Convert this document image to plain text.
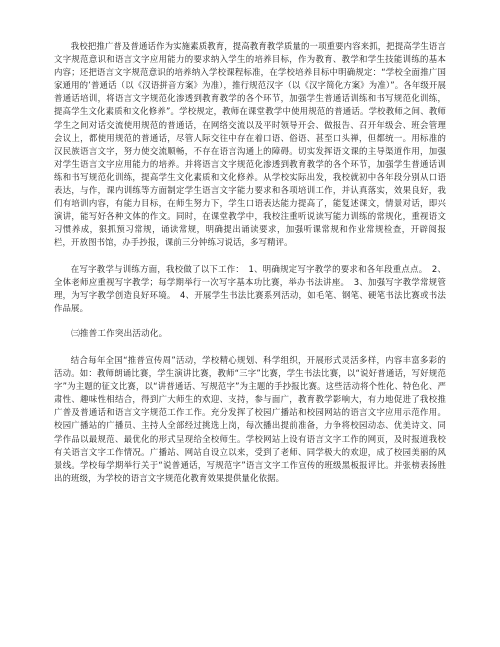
我校把推广普及普通话作为实施素质教育，提高教育教学质量的一项重要内容来抓，把提高学生语言文字规范意识和语言文字应用能力的要求纳入学生的培养目标，作为教育、教学和学生技能训练的基本内容；还把语言文字规范意识的培养纳入学校课程标准，在学校培养目标中明确规定：“学校全面推广国家通用的’普通话（以《汉语拼音方案》为准），推行规范汉字（以《汉字简化方案》为准）”。各年级开展普通话培训，将语言文字规范化渗透到教育教学的各个环节，加强学生普通话训练和书写规范化训练，提高学生文化素质和文化修养”。学校规定，教师在课堂教学中使用规范的普通话。学校教师之间、教师学生之间对话交流使用规范的普通话，在网络交流以及平时领导开会、做报告、召开年级会、班会管理会议上，都使用规范的普通话，尽管人际交往中存在着口语、俗语、甚至口头禅，但都统一。用标准的汉民族语言文字，努力使交流顺畅，不存在语言沟通上的障碍。切实发挥语文课的主导渠道作用，加强对学生语言文字应用能力的培养。并将语言文字规范化渗透到教育教学的各个环节，加强学生普通话训练和书写规范化训练，提高学生文化素质和文化修养。从学校实际出发，我校就初中各年段分别从口语表达，与作，课内训练等方面制定学生语言文字能力要求和各项培训工作，并认真落实，效果良好，我们有培训内容，有能力目标，在师生努力下，学生口语表达能力提高了，能复述课文，情景对话，即兴演讲，能写好各种文体的作文。同时，在课堂教学中，我校注重听说读写能力训练的常规化，重视语文习惯养成，狠抓预习常规，诵读常规，明确提出诵读要求，加强听课常规和作业常规检查，开辟阅报栏，开放图书馆，办手抄报，课前三分钟练习说话，多写精评。

在写字教学与训练方面，我校做了以下工作：　1、明确规定写字教学的要求和各年段重点点。　2、全体老师应重视写字教学；每学期举行一次写字基本功比赛，举办书法讲座。　3、加强写字教学常规管理，为写字教学创造良好环境。　4、开展学生书法比赛系列活动，如毛笔、钢笔、硬笔书法比赛或书法作品展。

㈢推普工作突出活动化。

结合每年全国“推普宣传周”活动，学校精心规划、科学组织，开展形式灵活多样，内容丰富多彩的活动。如：教师朗诵比赛，学生演讲比赛，教师“三字”比赛，学生书法比赛，以“说好普通话，写好规范字”为主题的征文比赛，以“讲普通话、写规范字”为主题的手抄报比赛。这些活动将个性化、特色化、严肃性、趣味性相结合，得到广大师生的欢迎、支持，参与面广，教育教学影响大，有力地促进了我校推广普及普通话和语言文字规范工作工作。充分发挥了校园广播站和校园网站的语言文字应用示范作用。校园广播站的广播员、主持人全部经过挑选上岗，每次播出提前准备，力争将校园动态、优美诗文、同学作品以最规范、最优化的形式呈现给全校师生。学校网站上设有语言文字工作的网页，及时报道我校有关语言文字工作情况。广播站、网站自设立以来，受到了老师、同学极大的欢迎，成了校园美丽的风景线。学校每学期举行关于“说普通话，写规范字”语言文字工作宣传的班级黑板报评比。并张榜表扬胜出的班级，为学校的语言文字规范化教育效果提供量化依据。
